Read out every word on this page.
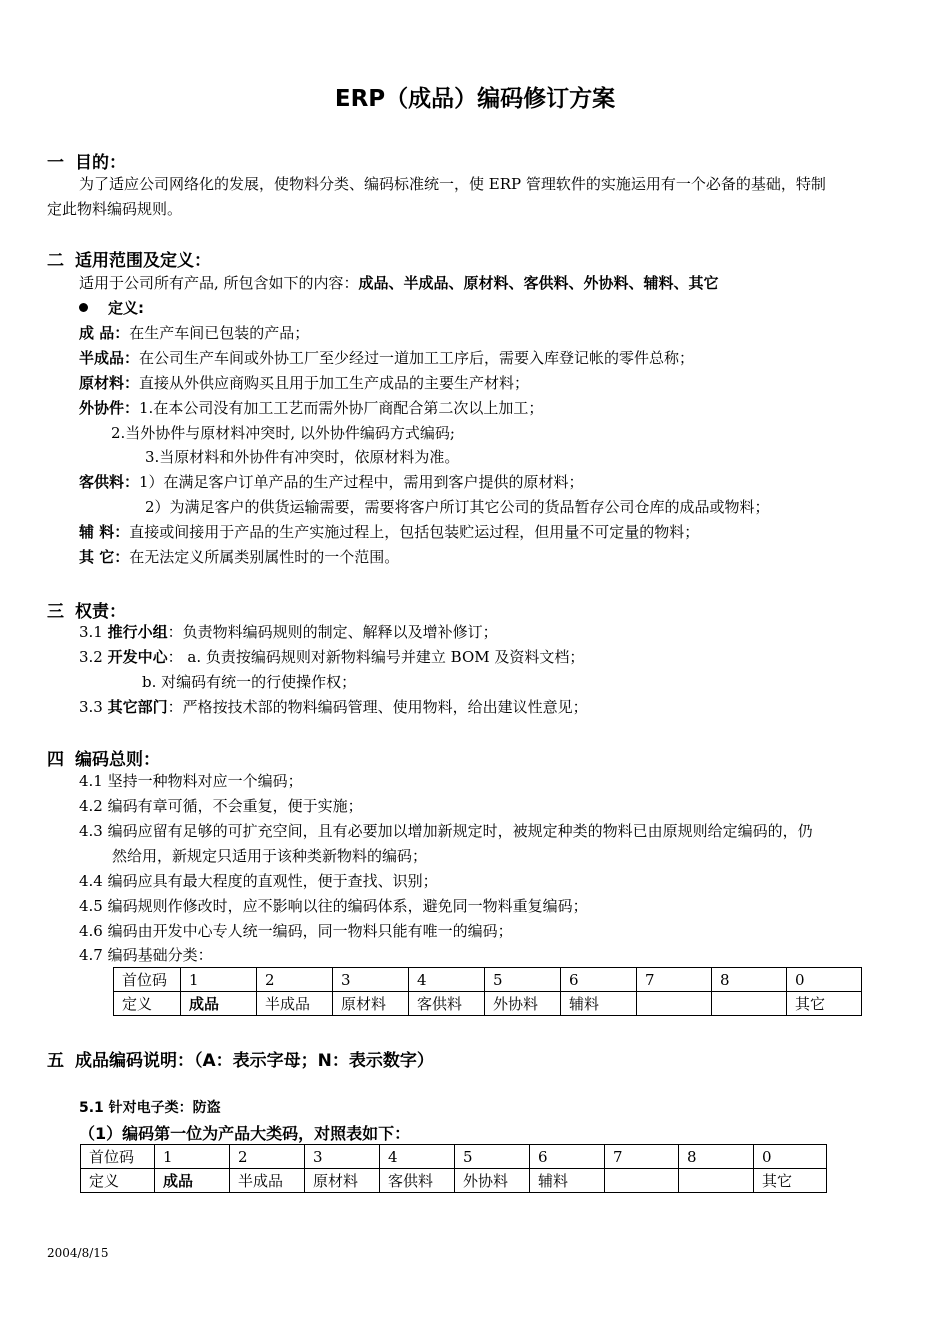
ERP（成品）编码修订方案
一 目的：
为了适应公司网络化的发展，使物料分类、编码标准统一，使 ERP 管理软件的实施运用有一个必备的基础，特制
定此物料编码规则。
二 适用范围及定义：
适用于公司所有产品, 所包含如下的内容：成品、半成品、原材料、客供料、外协料、辅料、其它
定义:
成 品：在生产车间已包装的产品；
半成品：在公司生产车间或外协工厂至少经过一道加工工序后，需要入库登记帐的零件总称；
原材料：直接从外供应商购买且用于加工生产成品的主要生产材料；
外协件：1.在本公司没有加工工艺而需外协厂商配合第二次以上加工；
2.当外协件与原材料冲突时, 以外协件编码方式编码;
3.当原材料和外协件有冲突时，依原材料为准。
客供料：1）在满足客户订单产品的生产过程中，需用到客户提供的原材料；
2）为满足客户的供货运输需要，需要将客户所订其它公司的货品暂存公司仓库的成品或物料；
辅 料：直接或间接用于产品的生产实施过程上，包括包装贮运过程，但用量不可定量的物料；
其 它：在无法定义所属类别属性时的一个范围。
三 权责：
3.1 推行小组：负责物料编码规则的制定、解释以及增补修订；
3.2 开发中心： a. 负责按编码规则对新物料编号并建立 BOM 及资料文档；
b. 对编码有统一的行使操作权；
3.3 其它部门：严格按技术部的物料编码管理、使用物料，给出建议性意见；
四 编码总则：
4.1 坚持一种物料对应一个编码；
4.2 编码有章可循，不会重复，便于实施；
4.3 编码应留有足够的可扩充空间，且有必要加以增加新规定时，被规定种类的物料已由原规则给定编码的，仍
然给用，新规定只适用于该种类新物料的编码；
4.4 编码应具有最大程度的直观性，便于查找、识别；
4.5 编码规则作修改时，应不影响以往的编码体系，避免同一物料重复编码；
4.6 编码由开发中心专人统一编码，同一物料只能有唯一的编码；
4.7 编码基础分类：
首位码	1	2	3	4	5	6	7	8	0
定义	成品	半成品	原材料	客供料	外协料	辅料			其它
五 成品编码说明：（A：表示字母；N：表示数字）
5.1 针对电子类：防盗
（1）编码第一位为产品大类码，对照表如下：
首位码	1	2	3	4	5	6	7	8	0
定义	成品	半成品	原材料	客供料	外协料	辅料			其它
2004/8/15
